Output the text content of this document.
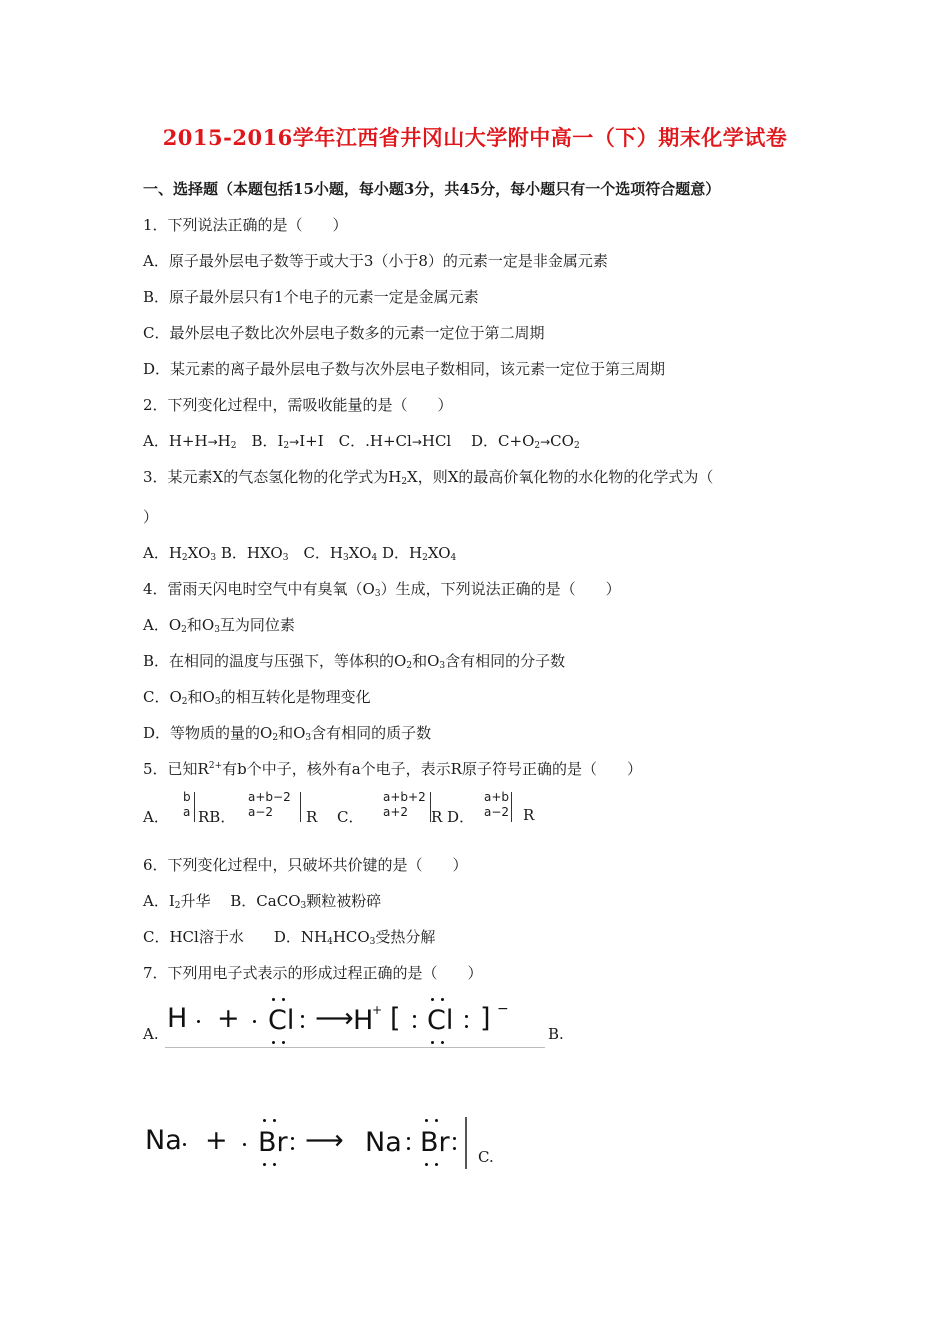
2015-2016学年江西省井冈山大学附中高一（下）期末化学试卷
一、选择题（本题包括15小题，每小题3分，共45分，每小题只有一个选项符合题意）
1．下列说法正确的是（　　）
A．原子最外层电子数等于或大于3（小于8）的元素一定是非金属元素
B．原子最外层只有1个电子的元素一定是金属元素
C．最外层电子数比次外层电子数多的元素一定位于第二周期
D．某元素的离子最外层电子数与次外层电子数相同，该元素一定位于第三周期
2．下列变化过程中，需吸收能量的是（　　）
A．$H+H\to H_2$　B．$I_2\to I+I$　C．.H+Cl→HCl　 D．$C+O_2\to CO_2$
3．某元素X的气态氢化物的化学式为$H_2X$，则X的最高价氧化物的水化物的化学式为（
）
A．$H_2XO_3$ B．$HXO_3$　C．$H_3XO_4$ D．$H_2XO_4$
4．雷雨天闪电时空气中有臭氧$(O_3)$生成，下列说法正确的是（　　）
A．$O_2$和$O_3$互为同位素
B．在相同的温度与压强下，等体积的$O_2$和$O_3$含有相同的分子数
C．$O_2$和$O_3$的相互转化是物理变化
D．等物质的量的$O_2$和$O_3$含有相同的质子数
5．已知$R^{2+}$有b个中子，核外有a个电子，表示R原子符号正确的是（　　）
A．
b
a RB．
a+b−2
a−2	R　 C．
a+b+2
a+2	R D．
a+b
a−2 R
6．下列变化过程中，只破坏共价键的是（　　）
A．$I_2$升华　 B．CaCO$_3$颗粒被粉碎
C．HCl溶于水　　D．$NH_4HCO_3$受热分解
7．下列用电子式表示的形成过程正确的是（　　）
A. H + Cl ⟶ H
+ [ Cl ] −
B.
Na + Br ⟶ Na Br C.
